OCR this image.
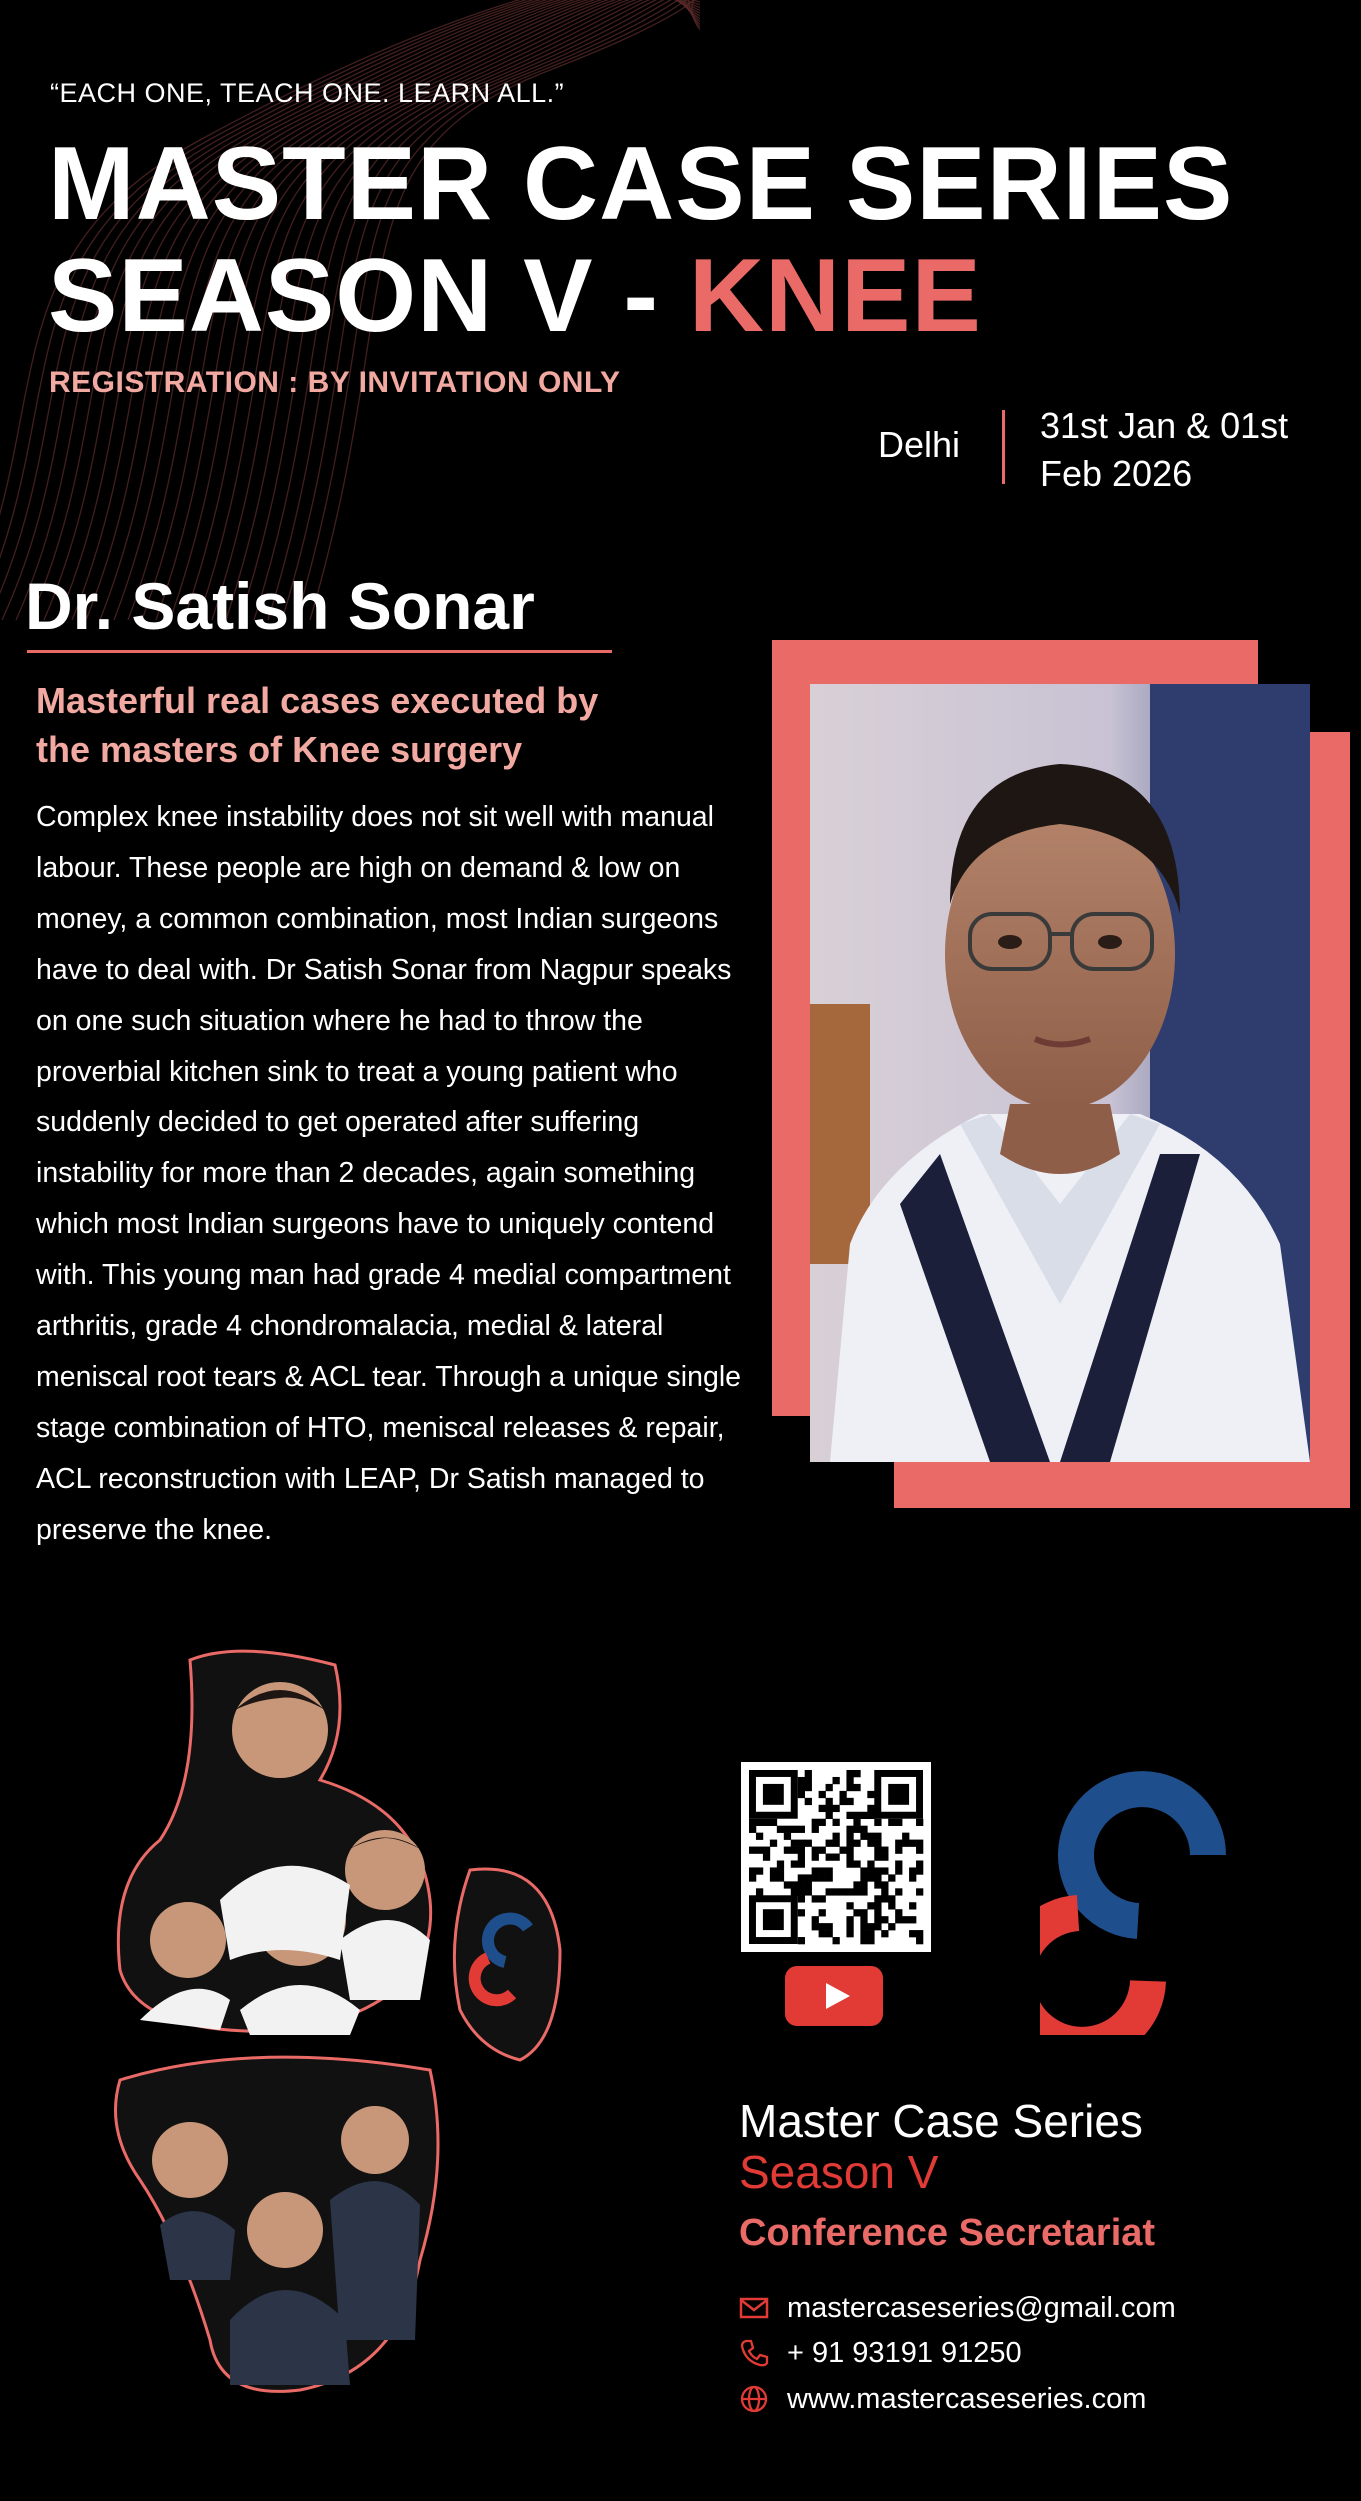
“EACH ONE, TEACH ONE. LEARN ALL.”
MASTER CASE SERIES
SEASON V - KNEE
REGISTRATION : BY INVITATION ONLY
Delhi 31st Jan & 01st
Feb 2026
Dr. Satish Sonar
Masterful real cases executed by
the masters of Knee surgery
Complex knee instability does not sit well with manual labour. These people are high on demand & low on money, a common combination, most Indian surgeons have to deal with. Dr Satish Sonar from Nagpur speaks on one such situation where he had to throw the proverbial kitchen sink to treat a young patient who suddenly decided to get operated after suffering instability for more than 2 decades, again something which most Indian surgeons have to uniquely contend with. This young man had grade 4 medial compartment arthritis, grade 4 chondromalacia, medial & lateral meniscal root tears & ACL tear. Through a unique single stage combination of HTO, meniscal releases & repair, ACL reconstruction with LEAP, Dr Satish managed to preserve the knee.
Master Case Series
Season V
Conference Secretariat
mastercaseseries@gmail.com
+ 91 93191 91250
www.mastercaseseries.com
